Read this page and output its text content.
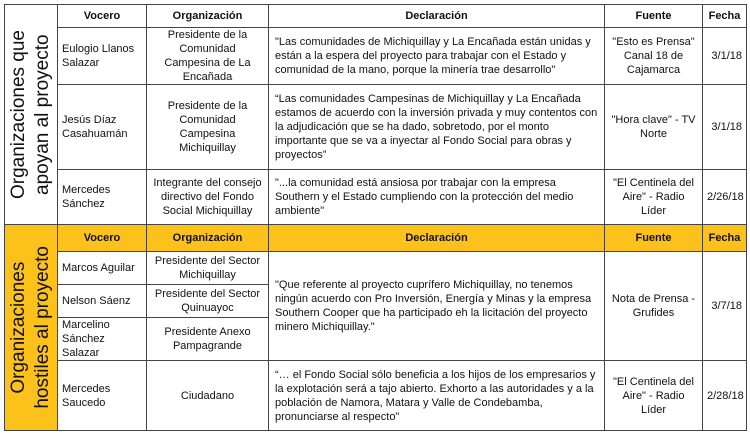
Organizaciones que apoyan al proyecto	Vocero	Organización	Declaración	Fuente	Fecha
	Eulogio Llanos Salazar	Presidente de la Comunidad Campesina de La Encañada	"Las comunidades de Michiquillay y La Encañada están unidas y están a la espera del proyecto para trabajar con el Estado y comunidad de la mano, porque la minería trae desarrollo"	"Esto es Prensa" Canal 18 de Cajamarca	3/1/18
	Jesús Díaz Casahuamán	Presidente de la Comunidad Campesina Michiquillay	“Las comunidades Campesinas de Michiquillay y La Encañada estamos de acuerdo con la inversión privada y muy contentos con la adjudicación que se ha dado, sobretodo, por el monto importante que se va a inyectar al Fondo Social para obras y proyectos”	"Hora clave" - TV Norte	3/1/18
	Mercedes Sánchez	Integrante del consejo directivo del Fondo Social Michiquillay	"...la comunidad está ansiosa por trabajar con la empresa Southern y el Estado cumpliendo con la protección del medio ambiente"	"El Centinela del Aire" - Radio Líder	2/26/18

Organizaciones hostiles al proyecto	Vocero	Organización	Declaración	Fuente	Fecha
	Marcos Aguilar	Presidente del Sector Michiquillay	"Que referente al proyecto cuprífero Michiquillay, no tenemos ningún acuerdo con Pro Inversión, Energía y Minas y la empresa Southern Cooper que ha participado eh la licitación del proyecto minero Michiquillay."	Nota de Prensa - Grufides	3/7/18
	Nelson Sáenz	Presidente del Sector Quinuayoc			
	Marcelino Sánchez Salazar	Presidente Anexo Pampagrande			
	Mercedes Saucedo	Ciudadano	“… el Fondo Social sólo beneficia a los hijos de los empresarios y la explotación será a tajo abierto. Exhorto a las autoridades y a la población de Namora, Matara y Valle de Condebamba, pronunciarse al respecto”	"El Centinela del Aire" - Radio Líder	2/28/18
